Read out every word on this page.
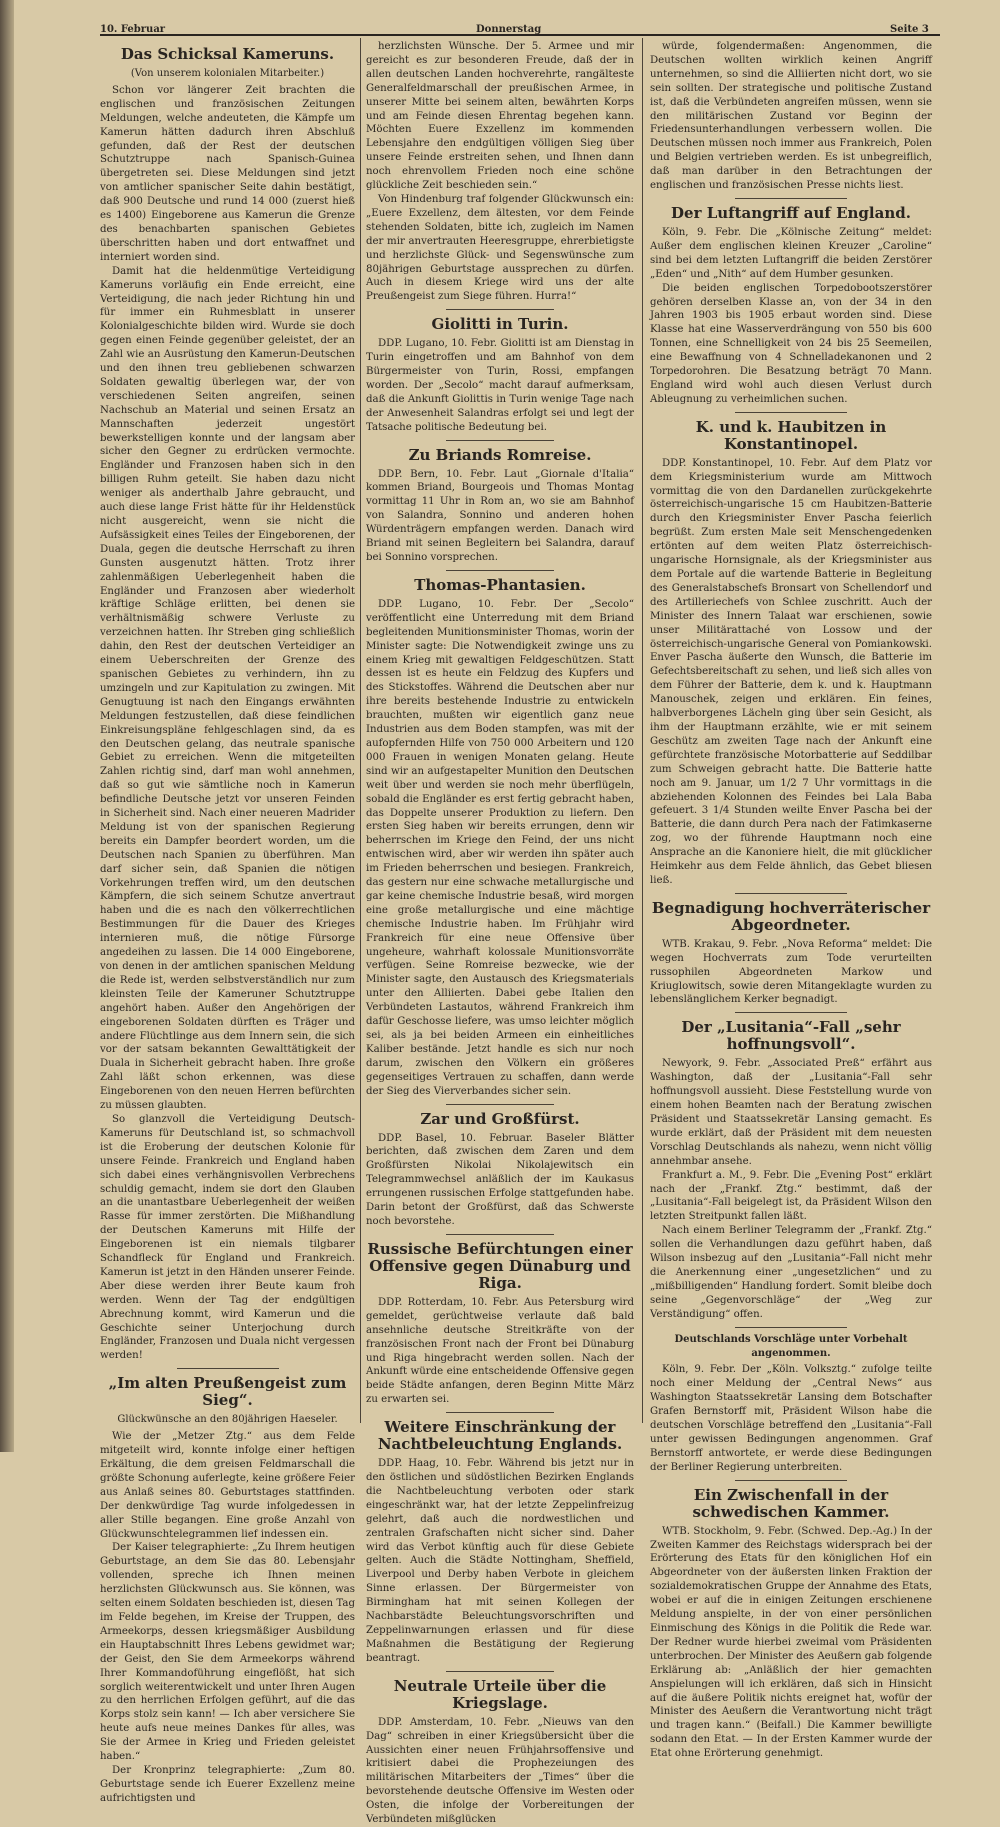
10. Februar	Donnerstag	Seite 3
Das Schicksal Kameruns.
(Von unserem kolonialen Mitarbeiter.)

Schon vor längerer Zeit brachten die englischen und französischen Zeitungen Meldungen, welche andeuteten, die Kämpfe um Kamerun hätten dadurch ihren Abschluß gefunden, daß der Rest der deutschen Schutztruppe nach Spanisch-Guinea übergetreten sei. Diese Meldungen sind jetzt von amtlicher spanischer Seite dahin bestätigt, daß 900 Deutsche und rund 14 000 (zuerst hieß es 1400) Eingeborene aus Kamerun die Grenze des benachbarten spanischen Gebietes überschritten haben und dort entwaffnet und interniert worden sind.

Damit hat die heldenmütige Verteidigung Kameruns vorläufig ein Ende erreicht, eine Verteidigung, die nach jeder Richtung hin und für immer ein Ruhmesblatt in unserer Kolonialgeschichte bilden wird. Wurde sie doch gegen einen Feinde gegenüber geleistet, der an Zahl wie an Ausrüstung den Kamerun-Deutschen und den ihnen treu gebliebenen schwarzen Soldaten gewaltig überlegen war, der von verschiedenen Seiten angreifen, seinen Nachschub an Material und seinen Ersatz an Mannschaften jederzeit ungestört bewerkstelligen konnte und der langsam aber sicher den Gegner zu erdrücken vermochte. Engländer und Franzosen haben sich in den billigen Ruhm geteilt. Sie haben dazu nicht weniger als anderthalb Jahre gebraucht, und auch diese lange Frist hätte für ihr Heldenstück nicht ausgereicht, wenn sie nicht die Aufsässigkeit eines Teiles der Eingeborenen, der Duala, gegen die deutsche Herrschaft zu ihren Gunsten ausgenutzt hätten. Trotz ihrer zahlenmäßigen Ueberlegenheit haben die Engländer und Franzosen aber wiederholt kräftige Schläge erlitten, bei denen sie verhältnismäßig schwere Verluste zu verzeichnen hatten. Ihr Streben ging schließlich dahin, den Rest der deutschen Verteidiger an einem Ueberschreiten der Grenze des spanischen Gebietes zu verhindern, ihn zu umzingeln und zur Kapitulation zu zwingen. Mit Genugtuung ist nach den Eingangs erwähnten Meldungen festzustellen, daß diese feindlichen Einkreisungspläne fehlgeschlagen sind, da es den Deutschen gelang, das neutrale spanische Gebiet zu erreichen. Wenn die mitgeteilten Zahlen richtig sind, darf man wohl annehmen, daß so gut wie sämtliche noch in Kamerun befindliche Deutsche jetzt vor unseren Feinden in Sicherheit sind. Nach einer neueren Madrider Meldung ist von der spanischen Regierung bereits ein Dampfer beordert worden, um die Deutschen nach Spanien zu überführen. Man darf sicher sein, daß Spanien die nötigen Vorkehrungen treffen wird, um den deutschen Kämpfern, die sich seinem Schutze anvertraut haben und die es nach den völkerrechtlichen Bestimmungen für die Dauer des Krieges internieren muß, die nötige Fürsorge angedeihen zu lassen. Die 14 000 Eingeborene, von denen in der amtlichen spanischen Meldung die Rede ist, werden selbstverständlich nur zum kleinsten Teile der Kameruner Schutztruppe angehört haben. Außer den Angehörigen der eingeborenen Soldaten dürften es Träger und andere Flüchtlinge aus dem Innern sein, die sich vor der satsam bekannten Gewalttätigkeit der Duala in Sicherheit gebracht haben. Ihre große Zahl läßt schon erkennen, was diese Eingeborenen von den neuen Herren befürchten zu müssen glaubten.

So glanzvoll die Verteidigung Deutsch-Kameruns für Deutschland ist, so schmachvoll ist die Eroberung der deutschen Kolonie für unsere Feinde. Frankreich und England haben sich dabei eines verhängnisvollen Verbrechens schuldig gemacht, indem sie dort den Glauben an die unantastbare Ueberlegenheit der weißen Rasse für immer zerstörten. Die Mißhandlung der Deutschen Kameruns mit Hilfe der Eingeborenen ist ein niemals tilgbarer Schandfleck für England und Frankreich. Kamerun ist jetzt in den Händen unserer Feinde. Aber diese werden ihrer Beute kaum froh werden. Wenn der Tag der endgültigen Abrechnung kommt, wird Kamerun und die Geschichte seiner Unterjochung durch Engländer, Franzosen und Duala nicht vergessen werden!

„Im alten Preußengeist zum Sieg“.
Glückwünsche an den 80jährigen Haeseler.

Wie der „Metzer Ztg.“ aus dem Felde mitgeteilt wird, konnte infolge einer heftigen Erkältung, die dem greisen Feldmarschall die größte Schonung auferlegte, keine größere Feier aus Anlaß seines 80. Geburtstages stattfinden. Der denkwürdige Tag wurde infolgedessen in aller Stille begangen. Eine große Anzahl von Glückwunschtelegrammen lief indessen ein.

Der Kaiser telegraphierte: „Zu Ihrem heutigen Geburtstage, an dem Sie das 80. Lebensjahr vollenden, spreche ich Ihnen meinen herzlichsten Glückwunsch aus. Sie können, was selten einem Soldaten beschieden ist, diesen Tag im Felde begehen, im Kreise der Truppen, des Armeekorps, dessen kriegsmäßiger Ausbildung ein Hauptabschnitt Ihres Lebens gewidmet war; der Geist, den Sie dem Armeekorps während Ihrer Kommandoführung eingeflößt, hat sich sorglich weiterentwickelt und unter Ihren Augen zu den herrlichen Erfolgen geführt, auf die das Korps stolz sein kann! — Ich aber versichere Sie heute aufs neue meines Dankes für alles, was Sie der Armee in Krieg und Frieden geleistet haben.“

Der Kronprinz telegraphierte: „Zum 80. Geburtstage sende ich Euerer Exzellenz meine aufrichtigsten und

herzlichsten Wünsche. Der 5. Armee und mir gereicht es zur besonderen Freude, daß der in allen deutschen Landen hochverehrte, rangälteste Generalfeldmarschall der preußischen Armee, in unserer Mitte bei seinem alten, bewährten Korps und am Feinde diesen Ehrentag begehen kann. Möchten Euere Exzellenz im kommenden Lebensjahre den endgültigen völligen Sieg über unsere Feinde erstreiten sehen, und Ihnen dann noch ehrenvollem Frieden noch eine schöne glückliche Zeit beschieden sein.“

Von Hindenburg traf folgender Glückwunsch ein: „Euere Exzellenz, dem ältesten, vor dem Feinde stehenden Soldaten, bitte ich, zugleich im Namen der mir anvertrauten Heeresgruppe, ehrerbietigste und herzlichste Glück- und Segenswünsche zum 80jährigen Geburtstage aussprechen zu dürfen. Auch in diesem Kriege wird uns der alte Preußengeist zum Siege führen. Hurra!“

Giolitti in Turin.

DDP. Lugano, 10. Febr. Giolitti ist am Dienstag in Turin eingetroffen und am Bahnhof von dem Bürgermeister von Turin, Rossi, empfangen worden. Der „Secolo“ macht darauf aufmerksam, daß die Ankunft Giolittis in Turin wenige Tage nach der Anwesenheit Salandras erfolgt sei und legt der Tatsache politische Bedeutung bei.

Zu Briands Romreise.

DDP. Bern, 10. Febr. Laut „Giornale d'Italia“ kommen Briand, Bourgeois und Thomas Montag vormittag 11 Uhr in Rom an, wo sie am Bahnhof von Salandra, Sonnino und anderen hohen Würdenträgern empfangen werden. Danach wird Briand mit seinen Begleitern bei Salandra, darauf bei Sonnino vorsprechen.

Thomas-Phantasien.

DDP. Lugano, 10. Febr. Der „Secolo“ veröffentlicht eine Unterredung mit dem Briand begleitenden Munitionsminister Thomas, worin der Minister sagte: Die Notwendigkeit zwinge uns zu einem Krieg mit gewaltigen Feldgeschützen. Statt dessen ist es heute ein Feldzug des Kupfers und des Stickstoffes. Während die Deutschen aber nur ihre bereits bestehende Industrie zu entwickeln brauchten, mußten wir eigentlich ganz neue Industrien aus dem Boden stampfen, was mit der aufopfernden Hilfe von 750 000 Arbeitern und 120 000 Frauen in wenigen Monaten gelang. Heute sind wir an aufgestapelter Munition den Deutschen weit über und werden sie noch mehr überflügeln, sobald die Engländer es erst fertig gebracht haben, das Doppelte unserer Produktion zu liefern. Den ersten Sieg haben wir bereits errungen, denn wir beherrschen im Kriege den Feind, der uns nicht entwischen wird, aber wir werden ihn später auch im Frieden beherrschen und besiegen. Frankreich, das gestern nur eine schwache metallurgische und gar keine chemische Industrie besaß, wird morgen eine große metallurgische und eine mächtige chemische Industrie haben. Im Frühjahr wird Frankreich für eine neue Offensive über ungeheure, wahrhaft kolossale Munitionsvorräte verfügen. Seine Romreise bezwecke, wie der Minister sagte, den Austausch des Kriegsmaterials unter den Alliierten. Dabei gebe Italien den Verbündeten Lastautos, während Frankreich ihm dafür Geschosse liefere, was umso leichter möglich sei, als ja bei beiden Armeen ein einheitliches Kaliber bestände. Jetzt handle es sich nur noch darum, zwischen den Völkern ein größeres gegenseitiges Vertrauen zu schaffen, dann werde der Sieg des Vierverbandes sicher sein.

Zar und Großfürst.

DDP. Basel, 10. Februar. Baseler Blätter berichten, daß zwischen dem Zaren und dem Großfürsten Nikolai Nikolajewitsch ein Telegrammwechsel anläßlich der im Kaukasus errungenen russischen Erfolge stattgefunden habe. Darin betont der Großfürst, daß das Schwerste noch bevorstehe.

Russische Befürchtungen einer Offensive gegen Dünaburg und Riga.

DDP. Rotterdam, 10. Febr. Aus Petersburg wird gemeldet, gerüchtweise verlaute daß bald ansehnliche deutsche Streitkräfte von der französischen Front nach der Front bei Dünaburg und Riga hingebracht werden sollen. Nach der Ankunft würde eine entscheidende Offensive gegen beide Städte anfangen, deren Beginn Mitte März zu erwarten sei.

Weitere Einschränkung der Nachtbeleuchtung Englands.

DDP. Haag, 10. Febr. Während bis jetzt nur in den östlichen und südöstlichen Bezirken Englands die Nachtbeleuchtung verboten oder stark eingeschränkt war, hat der letzte Zeppelinfreizug gelehrt, daß auch die nordwestlichen und zentralen Grafschaften nicht sicher sind. Daher wird das Verbot künftig auch für diese Gebiete gelten. Auch die Städte Nottingham, Sheffield, Liverpool und Derby haben Verbote in gleichem Sinne erlassen. Der Bürgermeister von Birmingham hat mit seinen Kollegen der Nachbarstädte Beleuchtungsvorschriften und Zeppelinwarnungen erlassen und für diese Maßnahmen die Bestätigung der Regierung beantragt.

Neutrale Urteile über die Kriegslage.

DDP. Amsterdam, 10. Febr. „Nieuws van den Dag“ schreiben in einer Kriegsübersicht über die Aussichten einer neuen Frühjahrsoffensive und kritisiert dabei die Prophezeiungen des militärischen Mitarbeiters der „Times“ über die bevorstehende deutsche Offensive im Westen oder Osten, die infolge der Vorbereitungen der Verbündeten mißglücken

würde, folgendermaßen: Angenommen, die Deutschen wollten wirklich keinen Angriff unternehmen, so sind die Alliierten nicht dort, wo sie sein sollten. Der strategische und politische Zustand ist, daß die Verbündeten angreifen müssen, wenn sie den militärischen Zustand vor Beginn der Friedensunterhandlungen verbessern wollen. Die Deutschen müssen noch immer aus Frankreich, Polen und Belgien vertrieben werden. Es ist unbegreiflich, daß man darüber in den Betrachtungen der englischen und französischen Presse nichts liest.

Der Luftangriff auf England.

Köln, 9. Febr. Die „Kölnische Zeitung“ meldet: Außer dem englischen kleinen Kreuzer „Caroline“ sind bei dem letzten Luftangriff die beiden Zerstörer „Eden“ und „Nith“ auf dem Humber gesunken.

Die beiden englischen Torpedobootszerstörer gehören derselben Klasse an, von der 34 in den Jahren 1903 bis 1905 erbaut worden sind. Diese Klasse hat eine Wasserverdrängung von 550 bis 600 Tonnen, eine Schnelligkeit von 24 bis 25 Seemeilen, eine Bewaffnung von 4 Schnelladekanonen und 2 Torpedorohren. Die Besatzung beträgt 70 Mann. England wird wohl auch diesen Verlust durch Ableugnung zu verheimlichen suchen.

K. und k. Haubitzen in Konstantinopel.

DDP. Konstantinopel, 10. Febr. Auf dem Platz vor dem Kriegsministerium wurde am Mittwoch vormittag die von den Dardanellen zurückgekehrte österreichisch-ungarische 15 cm Haubitzen-Batterie durch den Kriegsminister Enver Pascha feierlich begrüßt. Zum ersten Male seit Menschengedenken ertönten auf dem weiten Platz österreichisch-ungarische Hornsignale, als der Kriegsminister aus dem Portale auf die wartende Batterie in Begleitung des Generalstabschefs Bronsart von Schellendorf und des Artilleriechefs von Schlee zuschritt. Auch der Minister des Innern Talaat war erschienen, sowie unser Militärattaché von Lossow und der österreichisch-ungarische General von Pomiankowski. Enver Pascha äußerte den Wunsch, die Batterie im Gefechtsbereitschaft zu sehen, und ließ sich alles von dem Führer der Batterie, dem k. und k. Hauptmann Manouschek, zeigen und erklären. Ein feines, halbverborgenes Lächeln ging über sein Gesicht, als ihm der Hauptmann erzählte, wie er mit seinem Geschütz am zweiten Tage nach der Ankunft eine gefürchtete französische Motorbatterie auf Seddilbar zum Schweigen gebracht hatte. Die Batterie hatte noch am 9. Januar, um 1/2 7 Uhr vormittags in die abziehenden Kolonnen des Feindes bei Lala Baba gefeuert. 3 1/4 Stunden weilte Enver Pascha bei der Batterie, die dann durch Pera nach der Fatimkaserne zog, wo der führende Hauptmann noch eine Ansprache an die Kanoniere hielt, die mit glücklicher Heimkehr aus dem Felde ähnlich, das Gebet bliesen ließ.

Begnadigung hochverräterischer Abgeordneter.

WTB. Krakau, 9. Febr. „Nova Reforma“ meldet: Die wegen Hochverrats zum Tode verurteilten russophilen Abgeordneten Markow und Kriuglowitsch, sowie deren Mitangeklagte wurden zu lebenslänglichem Kerker begnadigt.

Der „Lusitania“-Fall „sehr hoffnungsvoll“.

Newyork, 9. Febr. „Associated Preß“ erfährt aus Washington, daß der „Lusitania“-Fall sehr hoffnungsvoll aussieht. Diese Feststellung wurde von einem hohen Beamten nach der Beratung zwischen Präsident und Staatssekretär Lansing gemacht. Es wurde erklärt, daß der Präsident mit dem neuesten Vorschlag Deutschlands als nahezu, wenn nicht völlig annehmbar ansehe.

Frankfurt a. M., 9. Febr. Die „Evening Post“ erklärt nach der „Frankf. Ztg.“ bestimmt, daß der „Lusitania“-Fall beigelegt ist, da Präsident Wilson den letzten Streitpunkt fallen läßt.

Nach einem Berliner Telegramm der „Frankf. Ztg.“ sollen die Verhandlungen dazu geführt haben, daß Wilson insbezug auf den „Lusitania“-Fall nicht mehr die Anerkennung einer „ungesetzlichen“ und zu „mißbilligenden“ Handlung fordert. Somit bleibe doch seine „Gegenvorschläge“ der „Weg zur Verständigung“ offen.

Deutschlands Vorschläge unter Vorbehalt angenommen.

Köln, 9. Febr. Der „Köln. Volksztg.“ zufolge teilte noch einer Meldung der „Central News“ aus Washington Staatssekretär Lansing dem Botschafter Grafen Bernstorff mit, Präsident Wilson habe die deutschen Vorschläge betreffend den „Lusitania“-Fall unter gewissen Bedingungen angenommen. Graf Bernstorff antwortete, er werde diese Bedingungen der Berliner Regierung unterbreiten.

Ein Zwischenfall in der schwedischen Kammer.

WTB. Stockholm, 9. Febr. (Schwed. Dep.-Ag.) In der Zweiten Kammer des Reichstags widersprach bei der Erörterung des Etats für den königlichen Hof ein Abgeordneter von der äußersten linken Fraktion der sozialdemokratischen Gruppe der Annahme des Etats, wobei er auf die in einigen Zeitungen erschienene Meldung anspielte, in der von einer persönlichen Einmischung des Königs in die Politik die Rede war. Der Redner wurde hierbei zweimal vom Präsidenten unterbrochen. Der Minister des Aeußern gab folgende Erklärung ab: „Anläßlich der hier gemachten Anspielungen will ich erklären, daß sich in Hinsicht auf die äußere Politik nichts ereignet hat, wofür der Minister des Aeußern die Verantwortung nicht trägt und tragen kann.“ (Beifall.) Die Kammer bewilligte sodann den Etat. — In der Ersten Kammer wurde der Etat ohne Erörterung genehmigt.
